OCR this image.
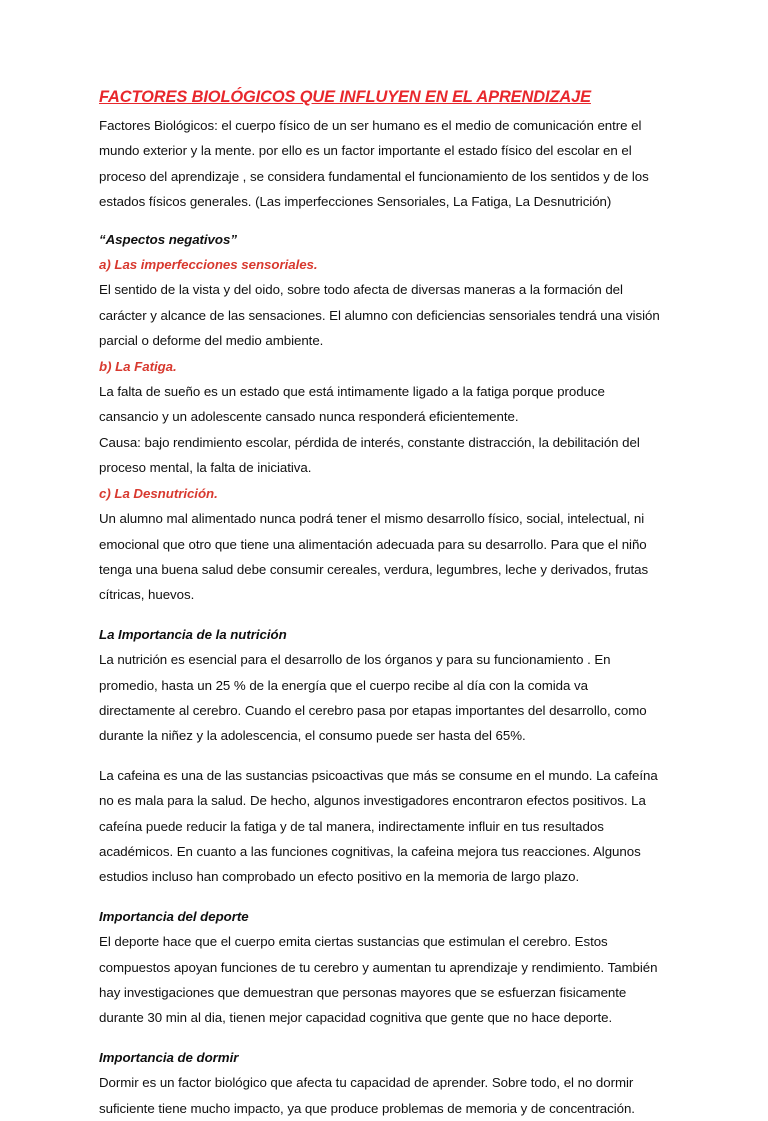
FACTORES BIOLÓGICOS QUE INFLUYEN EN EL APRENDIZAJE

Factores Biológicos: el cuerpo físico de un ser humano es el medio de comunicación entre el mundo exterior y la mente. por ello es un factor importante el estado físico del escolar en el proceso del aprendizaje , se considera fundamental el funcionamiento de los sentidos y de los estados físicos generales. (Las imperfecciones Sensoriales, La Fatiga, La Desnutrición)

“Aspectos negativos”

a) Las imperfecciones sensoriales.

El sentido de la vista y del oido, sobre todo afecta de diversas maneras a la formación del carácter y alcance de las sensaciones. El alumno con deficiencias sensoriales tendrá una visión parcial o deforme del medio ambiente.

b) La Fatiga.

La falta de sueño es un estado que está intimamente ligado a la fatiga porque produce cansancio y un adolescente cansado nunca responderá eficientemente.

Causa: bajo rendimiento escolar, pérdida de interés, constante distracción, la debilitación del proceso mental, la falta de iniciativa.

c) La Desnutrición.

Un alumno mal alimentado nunca podrá tener el mismo desarrollo físico, social, intelectual, ni emocional que otro que tiene una alimentación adecuada para su desarrollo. Para que el niño tenga una buena salud debe consumir cereales, verdura, legumbres, leche y derivados, frutas cítricas, huevos.

La Importancia de la nutrición

La nutrición es esencial para el desarrollo de los órganos y para su funcionamiento . En promedio, hasta un 25 % de la energía que el cuerpo recibe al día con la comida va directamente al cerebro. Cuando el cerebro pasa por etapas importantes del desarrollo, como durante la niñez y la adolescencia, el consumo puede ser hasta del 65%.

La cafeina es una de las sustancias psicoactivas que más se consume en el mundo. La cafeína no es mala para la salud. De hecho, algunos investigadores encontraron efectos positivos. La cafeína puede reducir la fatiga y de tal manera, indirectamente influir en tus resultados académicos. En cuanto a las funciones cognitivas, la cafeina mejora tus reacciones. Algunos estudios incluso han comprobado un efecto positivo en la memoria de largo plazo.

Importancia del deporte

El deporte hace que el cuerpo emita ciertas sustancias que estimulan el cerebro. Estos compuestos apoyan funciones de tu cerebro y aumentan tu aprendizaje y rendimiento. También hay investigaciones que demuestran que personas mayores que se esfuerzan fisicamente durante 30 min al dia, tienen mejor capacidad cognitiva que gente que no hace deporte.

Importancia de dormir

Dormir es un factor biológico que afecta tu capacidad de aprender. Sobre todo, el no dormir suficiente tiene mucho impacto, ya que produce problemas de memoria y de concentración.
